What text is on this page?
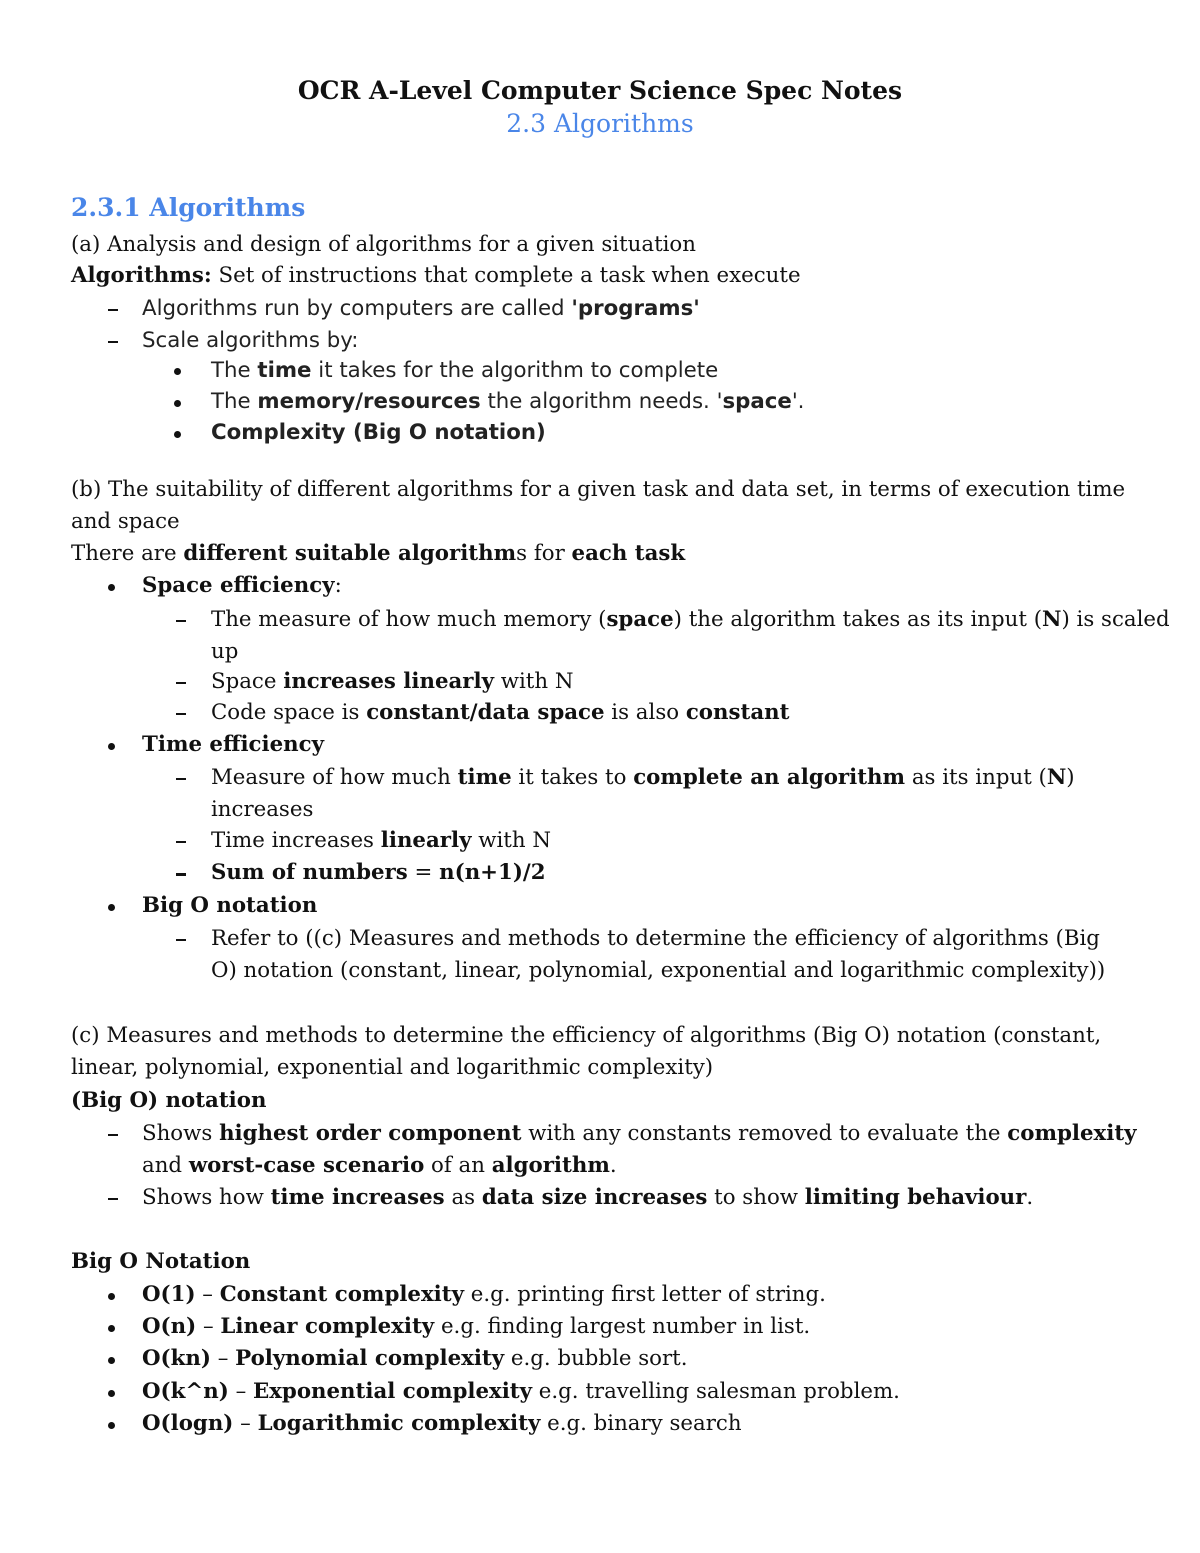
OCR A-Level Computer Science Spec Notes

2.3 Algorithms

2.3.1 Algorithms

(a) Analysis and design of algorithms for a given situation

Algorithms: Set of instructions that complete a task when execute

Algorithms run by computers are called 'programs'

Scale algorithms by:

The time it takes for the algorithm to complete

The memory/resources the algorithm needs. 'space'.

Complexity (Big O notation)

(b) The suitability of different algorithms for a given task and data set, in terms of execution time

and space

There are different suitable algorithms for each task

Space efficiency:

The measure of how much memory (space) the algorithm takes as its input (N) is scaled

up

Space increases linearly with N

Code space is constant/data space is also constant

Time efficiency

Measure of how much time it takes to complete an algorithm as its input (N)

increases

Time increases linearly with N

Sum of numbers = n(n+1)/2

Big O notation

Refer to ((c) Measures and methods to determine the efficiency of algorithms (Big

O) notation (constant, linear, polynomial, exponential and logarithmic complexity))

(c) Measures and methods to determine the efficiency of algorithms (Big O) notation (constant,

linear, polynomial, exponential and logarithmic complexity)

(Big O) notation

Shows highest order component with any constants removed to evaluate the complexity

and worst-case scenario of an algorithm.

Shows how time increases as data size increases to show limiting behaviour.

Big O Notation

O(1) – Constant complexity e.g. printing first letter of string.

O(n) – Linear complexity e.g. finding largest number in list.

O(kn) – Polynomial complexity e.g. bubble sort.

O(k^n) – Exponential complexity e.g. travelling salesman problem.

O(logn) – Logarithmic complexity e.g. binary search
